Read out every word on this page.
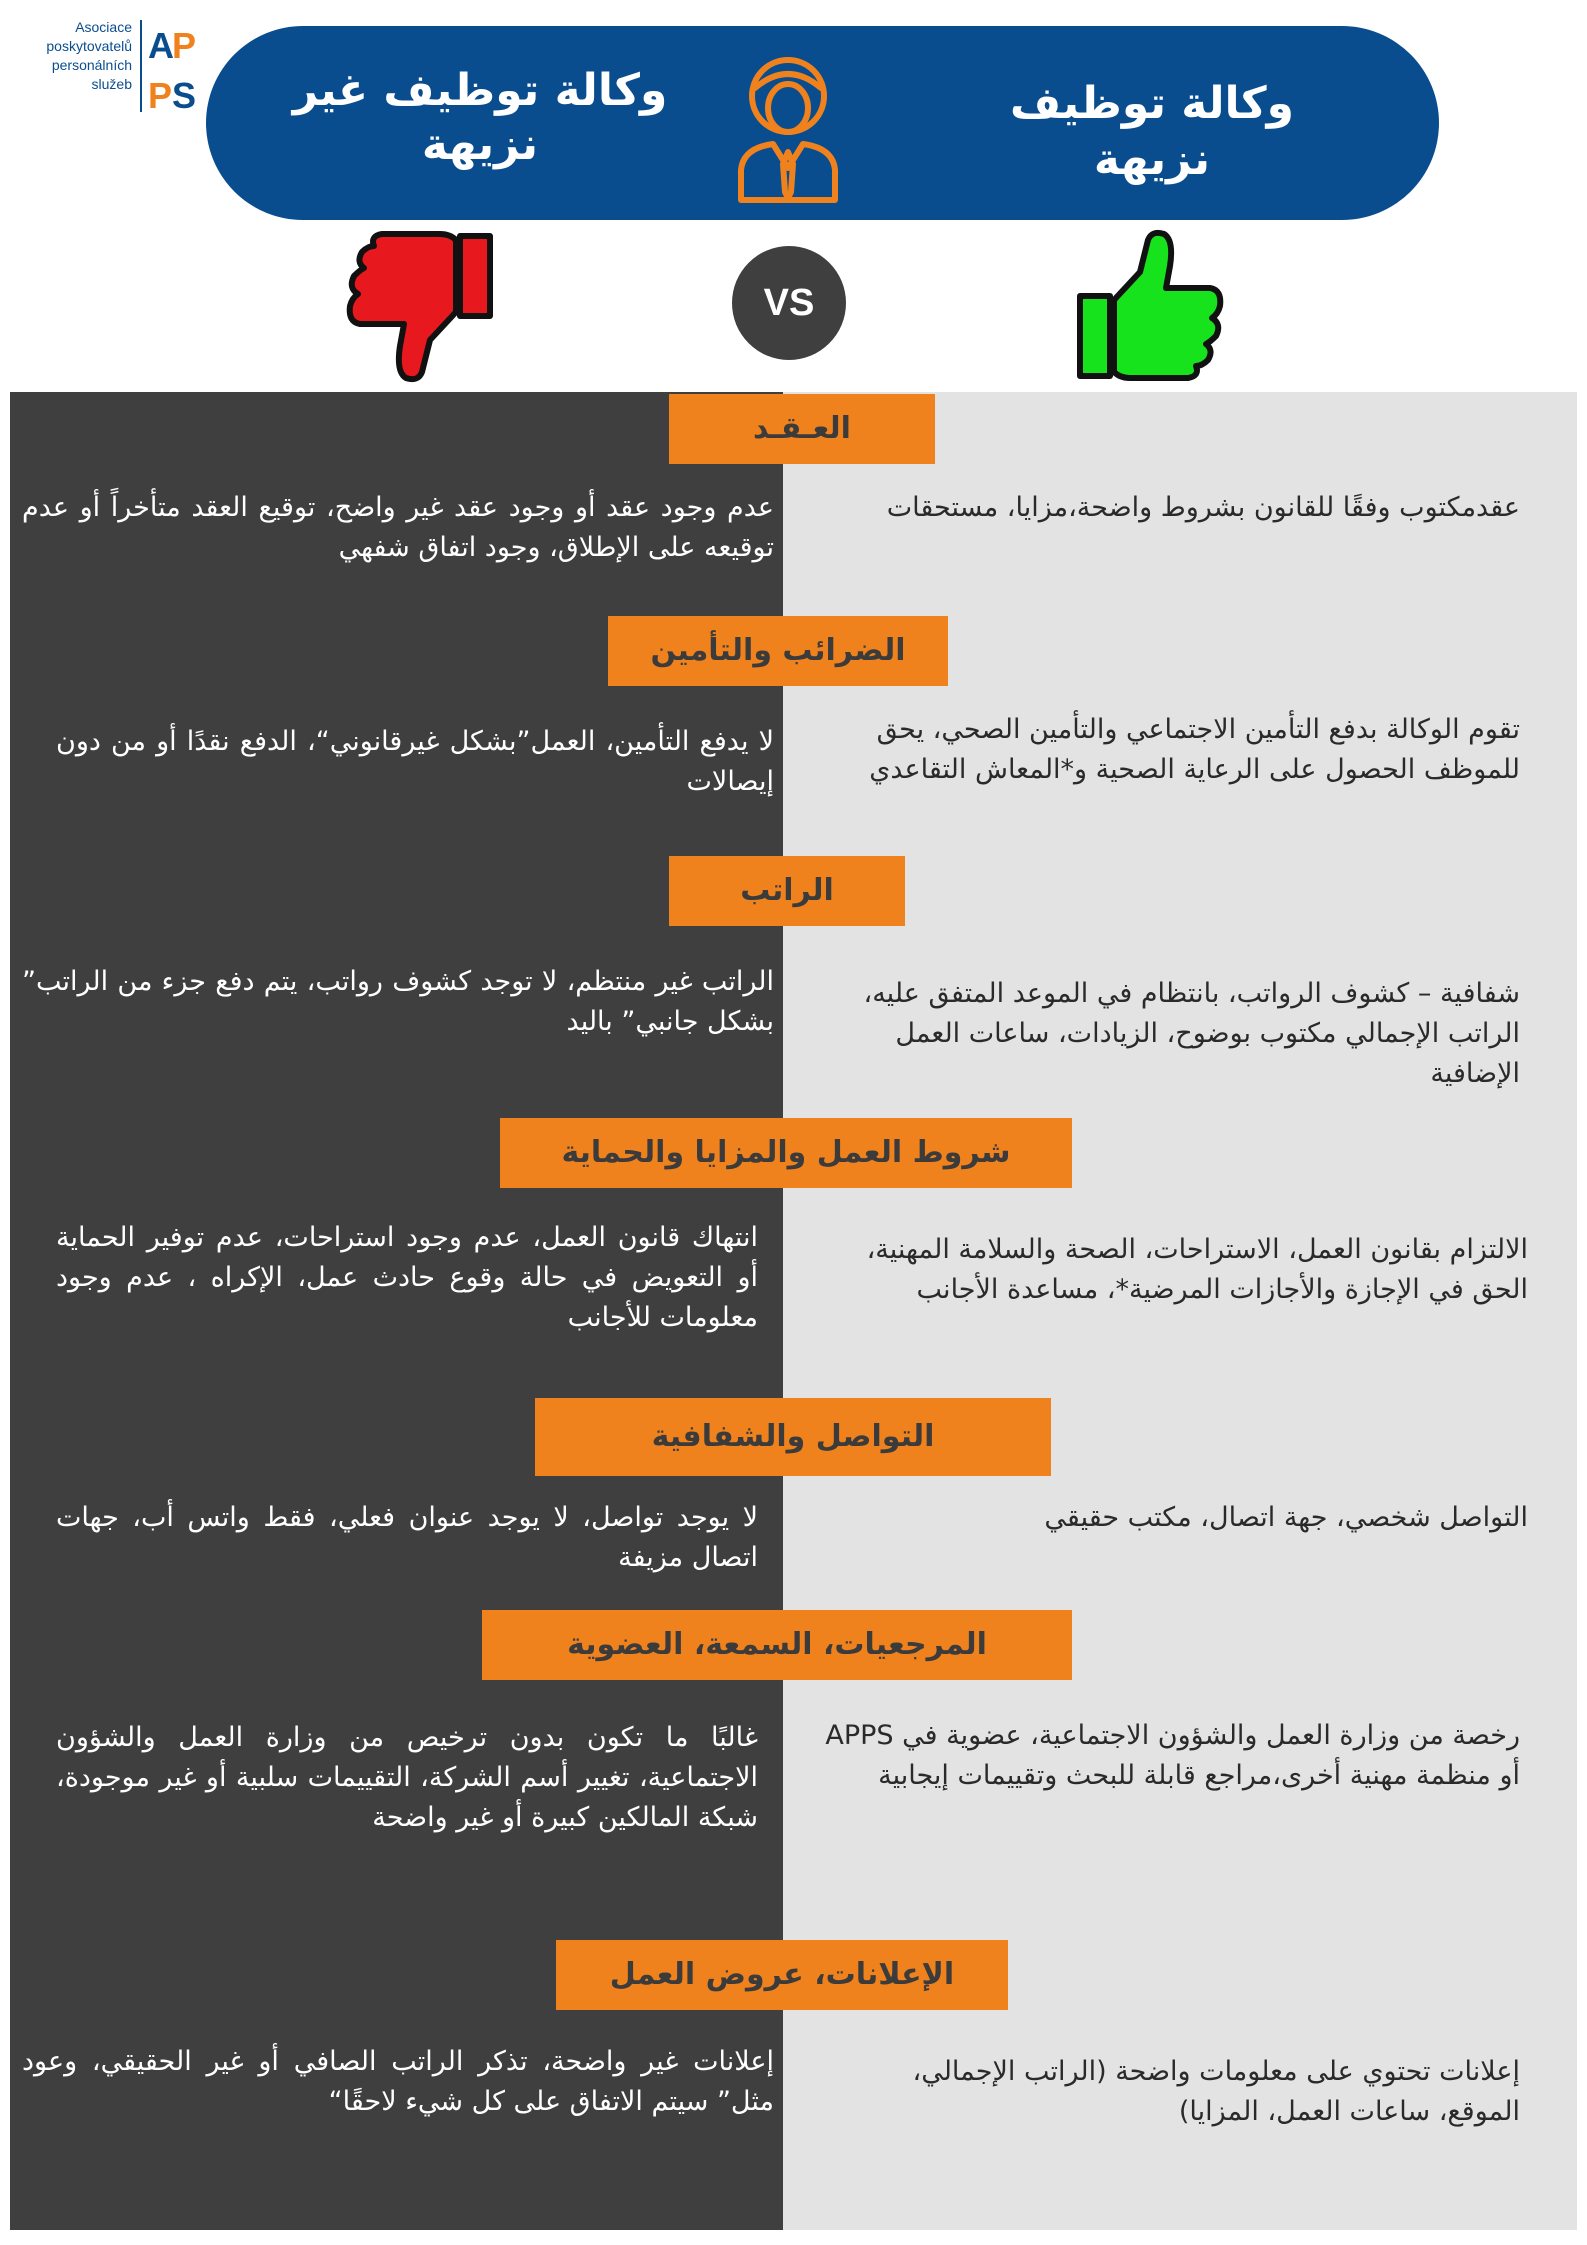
Asociace
poskytovatelů
personálních
služeb
A
P
P S وكالة توظيف غير نزيهة
وكالة توظيف نزيهة
VS
العـقـد
عدم وجود عقد أو وجود عقد غير واضح، توقيع العقد متأخراً أو عدم توقيعه على الإطلاق، وجود اتفاق شفهي
عقدمكتوب وفقًا للقانون بشروط واضحة،مزايا، مستحقات
الضرائب والتأمين
لا يدفع التأمين، العمل”بشكل غيرقانوني“، الدفع نقدًا أو من دون إيصالات
تقوم الوكالة بدفع التأمين الاجتماعي والتأمين الصحي، يحق للموظف الحصول على الرعاية الصحية و*المعاش التقاعدي
الراتب
الراتب غير منتظم، لا توجد كشوف رواتب، يتم دفع جزء من الراتب” بشكل جانبي” باليد
شفافية – كشوف الرواتب، بانتظام في الموعد المتفق عليه، الراتب الإجمالي مكتوب بوضوح، الزيادات، ساعات العمل الإضافية
شروط العمل والمزايا والحماية
انتهاك قانون العمل، عدم وجود استراحات، عدم توفير الحماية أو التعويض في حالة وقوع حادث عمل، الإكراه ، عدم وجود معلومات للأجانب
الالتزام بقانون العمل، الاستراحات، الصحة والسلامة المهنية، الحق في الإجازة والأجازات المرضية*، مساعدة الأجانب
التواصل والشفافية
لا يوجد تواصل، لا يوجد عنوان فعلي، فقط واتس أب، جهات اتصال مزيفة
التواصل شخصي، جهة اتصال، مكتب حقيقي
المرجعيات، السمعة، العضوية
غالبًا ما تكون بدون ترخيص من وزارة العمل والشؤون الاجتماعية، تغيير أسم الشركة، التقييمات سلبية أو غير موجودة، شبكة المالكين كبيرة أو غير واضحة
رخصة من وزارة العمل والشؤون الاجتماعية، عضوية في APPS أو منظمة مهنية أخرى،مراجع قابلة للبحث وتقييمات إيجابية
الإعلانات، عروض العمل
إعلانات غير واضحة، تذكر الراتب الصافي أو غير الحقيقي، وعود مثل” سيتم الاتفاق على كل شيء لاحقًا“
إعلانات تحتوي على معلومات واضحة (الراتب الإجمالي، الموقع، ساعات العمل، المزايا)
